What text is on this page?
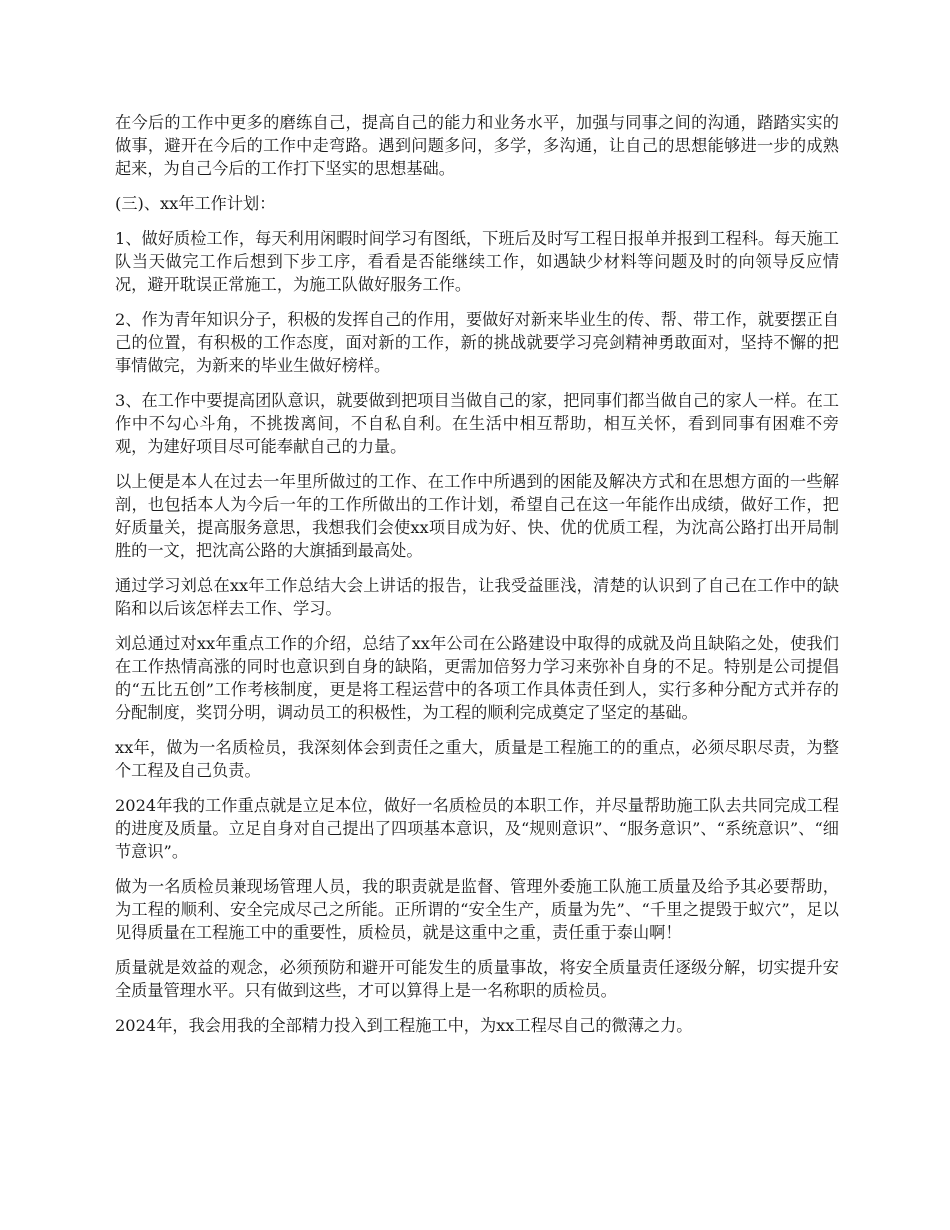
在今后的工作中更多的磨练自己，提高自己的能力和业务水平，加强与同事之间的沟通，踏踏实实的做事，避开在今后的工作中走弯路。遇到问题多问，多学，多沟通，让自己的思想能够进一步的成熟起来，为自己今后的工作打下坚实的思想基础。

(三)、xx年工作计划：

1、做好质检工作，每天利用闲暇时间学习有图纸，下班后及时写工程日报单并报到工程科。每天施工队当天做完工作后想到下步工序，看看是否能继续工作，如遇缺少材料等问题及时的向领导反应情况，避开耽误正常施工，为施工队做好服务工作。

2、作为青年知识分子，积极的发挥自己的作用，要做好对新来毕业生的传、帮、带工作，就要摆正自己的位置，有积极的工作态度，面对新的工作，新的挑战就要学习亮剑精神勇敢面对，坚持不懈的把事情做完，为新来的毕业生做好榜样。

3、在工作中要提高团队意识，就要做到把项目当做自己的家，把同事们都当做自己的家人一样。在工作中不勾心斗角，不挑拨离间，不自私自利。在生活中相互帮助，相互关怀，看到同事有困难不旁观，为建好项目尽可能奉献自己的力量。

以上便是本人在过去一年里所做过的工作、在工作中所遇到的困能及解决方式和在思想方面的一些解剖，也包括本人为今后一年的工作所做出的工作计划，希望自己在这一年能作出成绩，做好工作，把好质量关，提高服务意思，我想我们会使xx项目成为好、快、优的优质工程，为沈高公路打出开局制胜的一文，把沈高公路的大旗插到最高处。

通过学习刘总在xx年工作总结大会上讲话的报告，让我受益匪浅，清楚的认识到了自己在工作中的缺陷和以后该怎样去工作、学习。

刘总通过对xx年重点工作的介绍，总结了xx年公司在公路建设中取得的成就及尚且缺陷之处，使我们在工作热情高涨的同时也意识到自身的缺陷，更需加倍努力学习来弥补自身的不足。特别是公司提倡的“五比五创”工作考核制度，更是将工程运营中的各项工作具体责任到人，实行多种分配方式并存的分配制度，奖罚分明，调动员工的积极性，为工程的顺利完成奠定了坚定的基础。

xx年，做为一名质检员，我深刻体会到责任之重大，质量是工程施工的的重点，必须尽职尽责，为整个工程及自己负责。

2024年我的工作重点就是立足本位，做好一名质检员的本职工作，并尽量帮助施工队去共同完成工程的进度及质量。立足自身对自己提出了四项基本意识，及“规则意识”、“服务意识”、“系统意识”、“细节意识”。

做为一名质检员兼现场管理人员，我的职责就是监督、管理外委施工队施工质量及给予其必要帮助，为工程的顺利、安全完成尽己之所能。正所谓的“安全生产，质量为先”、“千里之提毁于蚁穴”，足以见得质量在工程施工中的重要性，质检员，就是这重中之重，责任重于泰山啊！

质量就是效益的观念，必须预防和避开可能发生的质量事故，将安全质量责任逐级分解，切实提升安全质量管理水平。只有做到这些，才可以算得上是一名称职的质检员。

2024年，我会用我的全部精力投入到工程施工中，为xx工程尽自己的微薄之力。
